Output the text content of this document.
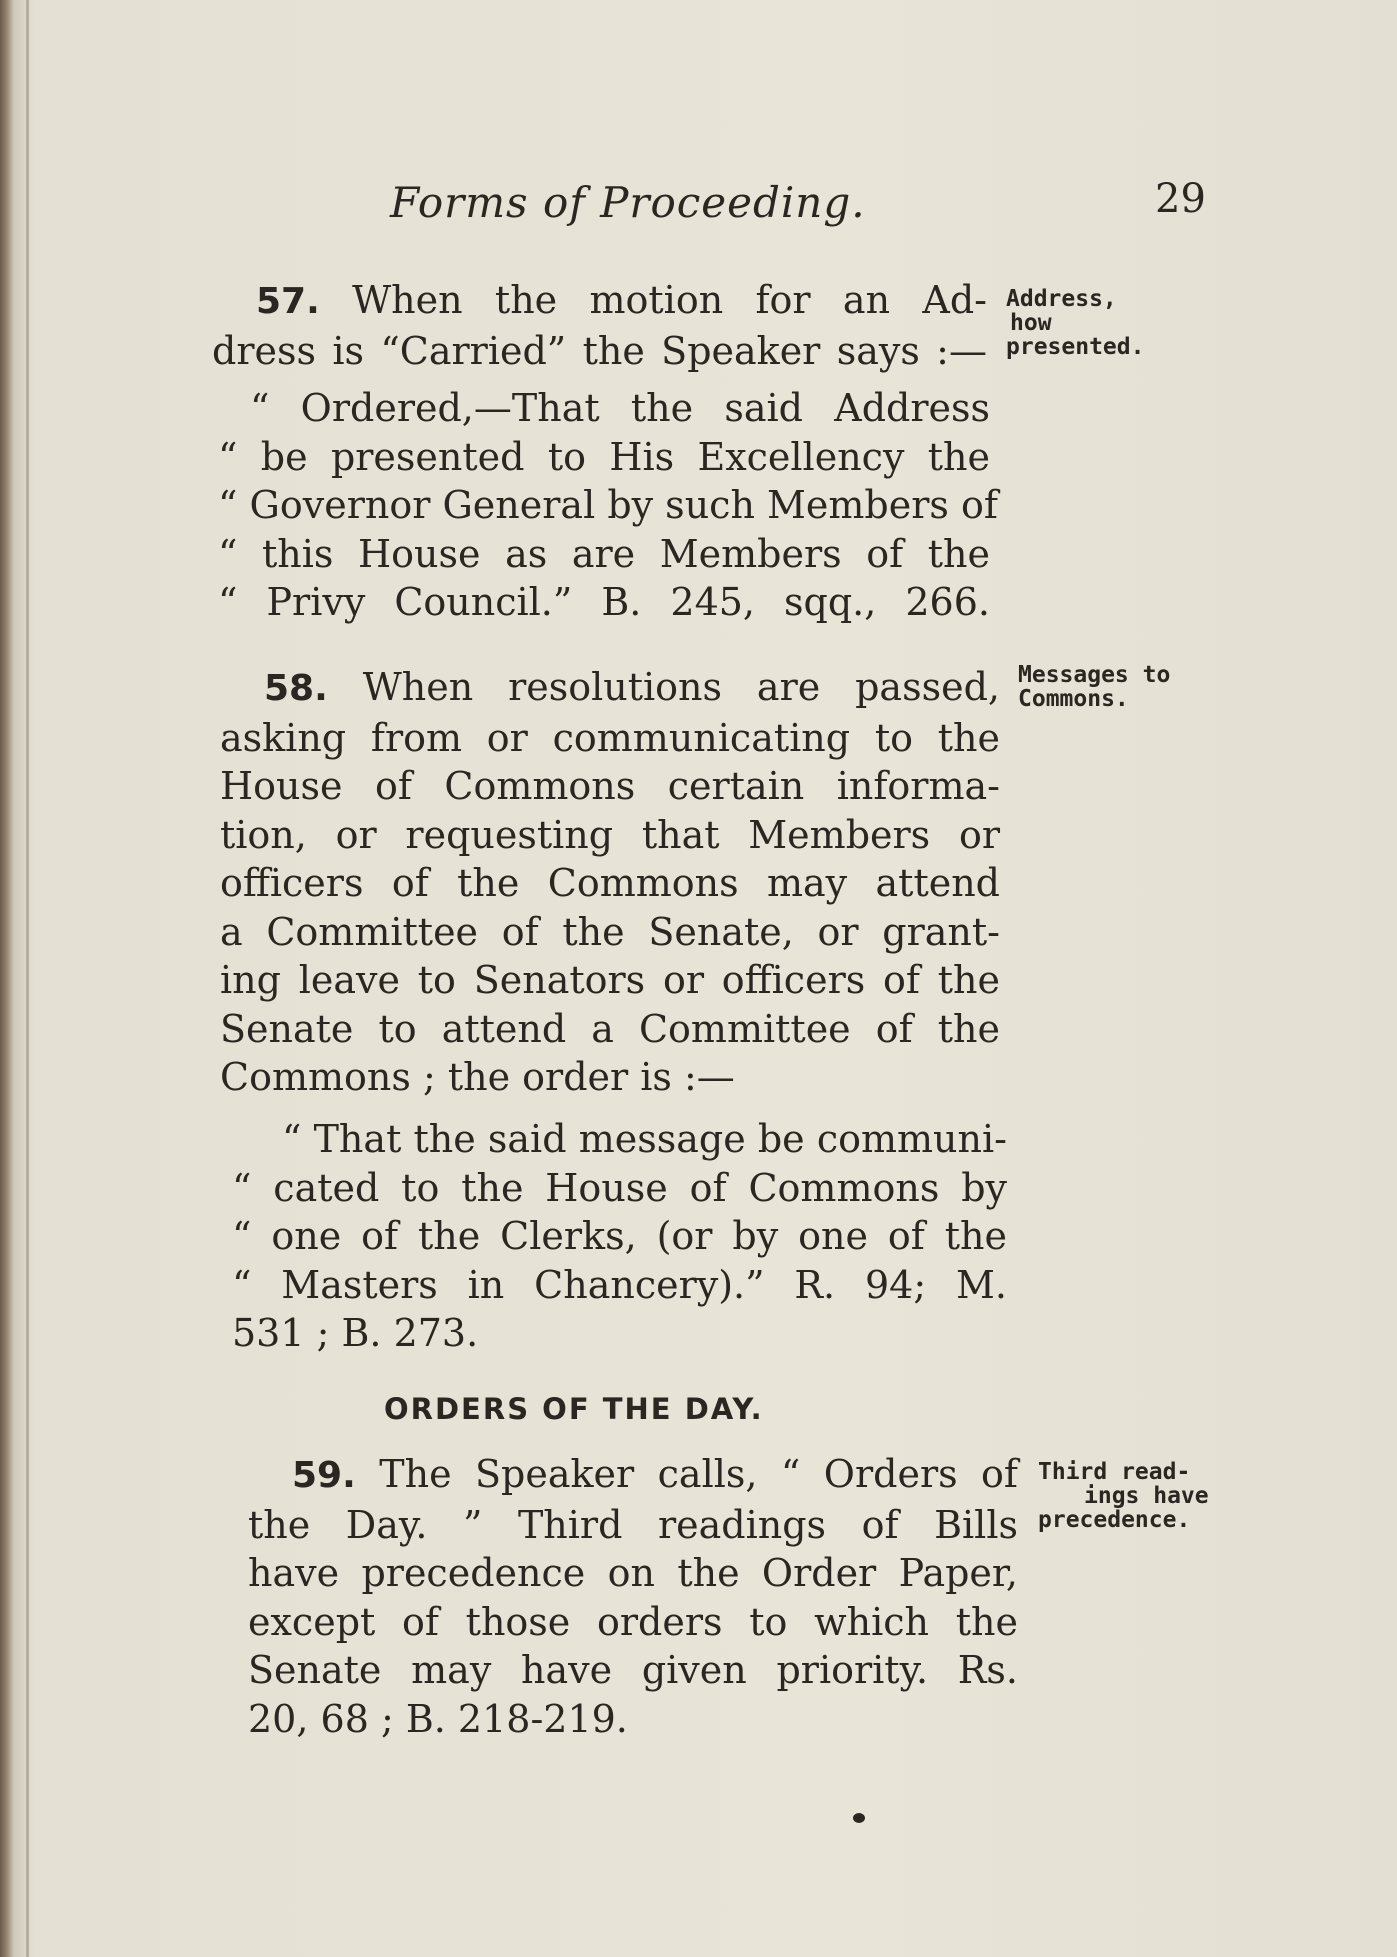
Forms of Proceeding.	29
57. When the motion for an Ad-
dress is “Carried” the Speaker says :—
“ Ordered,—That the said Address
“ be presented to His Excellency the
“ Governor General by such Members of
“ this House as are Members of the
“ Privy Council.” B. 245, sqq., 266.
Address,
how
presented.
58. When resolutions are passed,
asking from or communicating to the
House of Commons certain informa-
tion, or requesting that Members or
officers of the Commons may attend
a Committee of the Senate, or grant-
ing leave to Senators or officers of the
Senate to attend a Committee of the
Commons ; the order is :—
“ That the said message be communi-
“ cated to the House of Commons by
“ one of the Clerks, (or by one of the
“ Masters in Chancery).” R. 94; M.
531 ; B. 273.
Messages to
Commons.
ORDERS OF THE DAY.
59. The Speaker calls, “ Orders of
the Day. ” Third readings of Bills
have precedence on the Order Paper,
except of those orders to which the
Senate may have given priority. Rs.
20, 68 ; B. 218-219.
Third read-
ings have
precedence.
